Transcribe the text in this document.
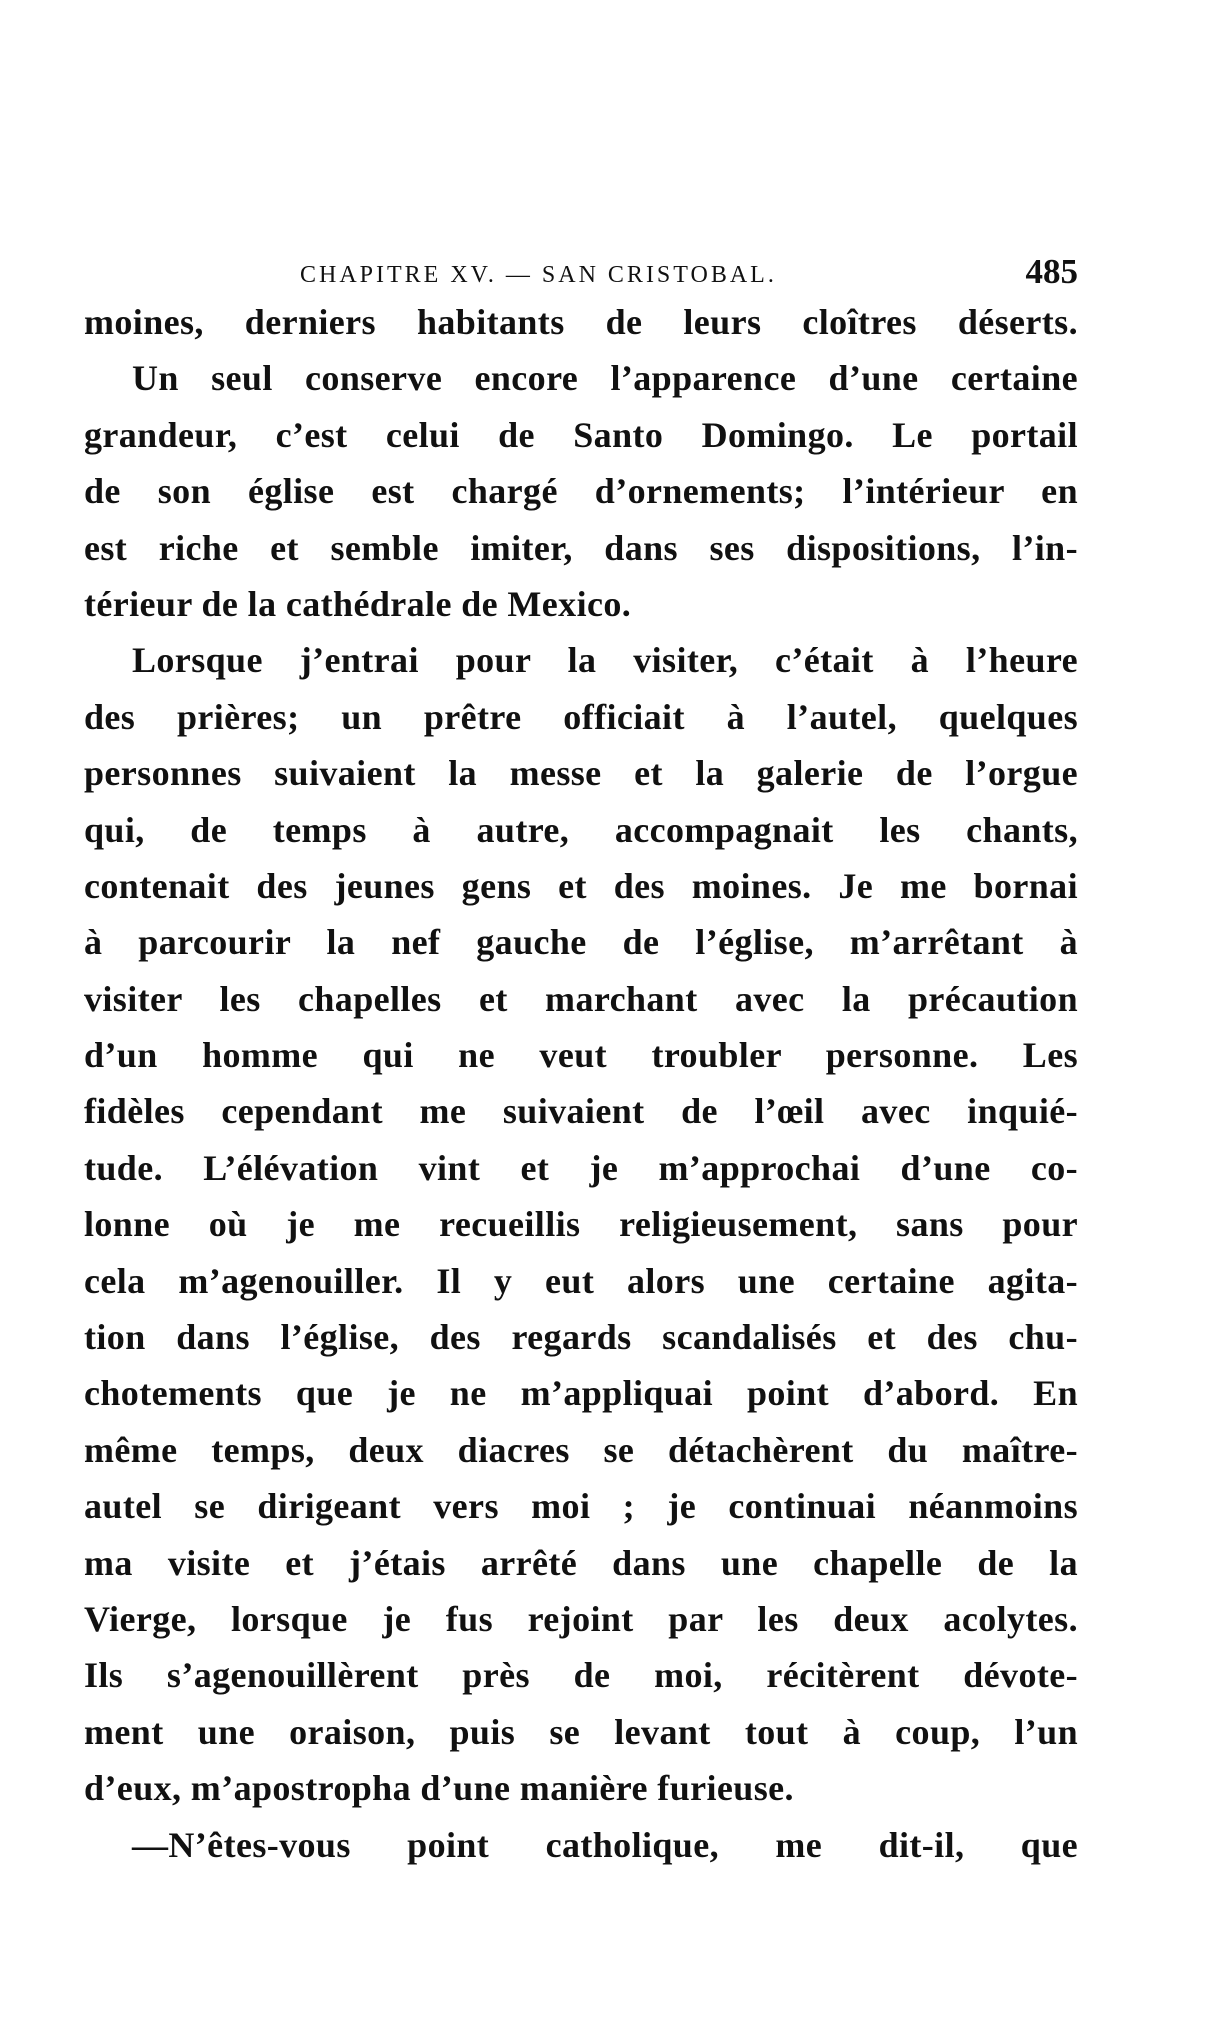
CHAPITRE XV. — SAN CRISTOBAL.	485
moines, derniers habitants de leurs cloîtres déserts.
Un seul conserve encore l’apparence d’une certaine
grandeur, c’est celui de Santo Domingo. Le portail
de son église est chargé d’ornements; l’intérieur en
est riche et semble imiter, dans ses dispositions, l’in-
térieur de la cathédrale de Mexico.
Lorsque j’entrai pour la visiter, c’était à l’heure
des prières; un prêtre officiait à l’autel, quelques
personnes suivaient la messe et la galerie de l’orgue
qui, de temps à autre, accompagnait les chants,
contenait des jeunes gens et des moines. Je me bornai
à parcourir la nef gauche de l’église, m’arrêtant à
visiter les chapelles et marchant avec la précaution
d’un homme qui ne veut troubler personne. Les
fidèles cependant me suivaient de l’œil avec inquié-
tude. L’élévation vint et je m’approchai d’une co-
lonne où je me recueillis religieusement, sans pour
cela m’agenouiller. Il y eut alors une certaine agita-
tion dans l’église, des regards scandalisés et des chu-
chotements que je ne m’appliquai point d’abord. En
même temps, deux diacres se détachèrent du maître-
autel se dirigeant vers moi ; je continuai néanmoins
ma visite et j’étais arrêté dans une chapelle de la
Vierge, lorsque je fus rejoint par les deux acolytes.
Ils s’agenouillèrent près de moi, récitèrent dévote-
ment une oraison, puis se levant tout à coup, l’un
d’eux, m’apostropha d’une manière furieuse.
—N’êtes-vous point catholique, me dit-il, que
